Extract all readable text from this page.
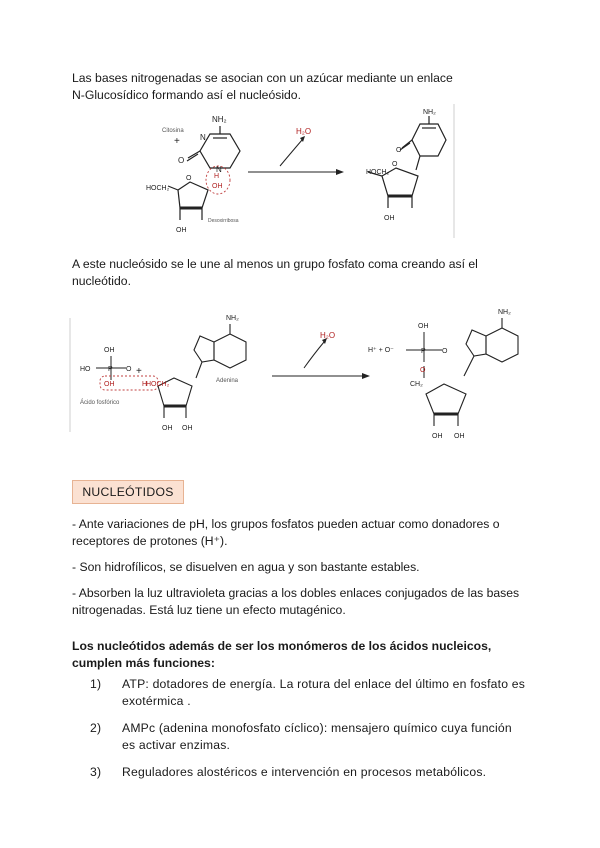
Las bases nitrogenadas se asocian con un azúcar mediante un enlace

N-Glucosídico formando así el nucleósido.

Citosina
NH₂
N
N
O
+
H
OH
HOCH₂
O
OH
Desoxirribosa
H₂O
NH₂
O
HOCH₂
O
OH

A este nucleósido se le une al menos un grupo fosfato coma creando así el

nucleótido.

OH
HO	P O
OH	H
+
Ácido fosfórico
NH₂
HOCH₂
OH OH
Adenina
H₂O
H⁺ + O⁻
OH
P O
O
CH₂
NH₂
OH OH
NUCLEÓTIDOS

- Ante variaciones de pH, los grupos fosfatos pueden actuar como donadores o

receptores de protones (H⁺).

- Son hidrofílicos, se disuelven en agua y son bastante estables.

- Absorben la luz ultravioleta gracias a los dobles enlaces conjugados de las bases

nitrogenadas. Está luz tiene un efecto mutagénico.

Los nucleótidos además de ser los monómeros de los ácidos nucleicos,

cumplen más funciones:

1) ATP: dotadores de energía. La rotura del enlace del último en fosfato es
exotérmica .
2) AMPc (adenina monofosfato cíclico): mensajero químico cuya función
es activar enzimas.
3) Reguladores alostéricos e intervención en procesos metabólicos.
